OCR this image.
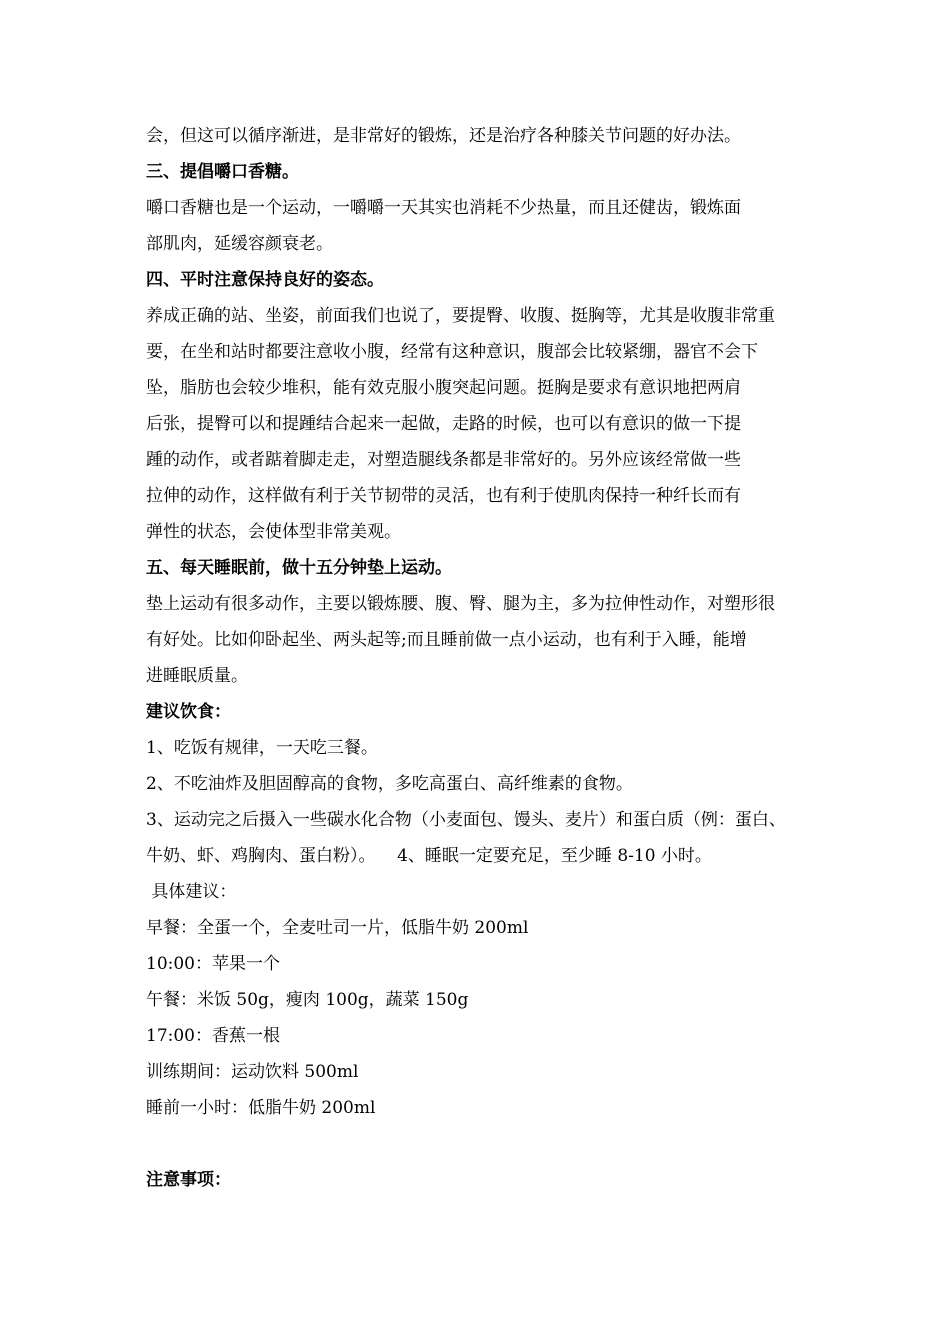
会，但这可以循序渐进，是非常好的锻炼，还是治疗各种膝关节问题的好办法。

三、提倡嚼口香糖。

嚼口香糖也是一个运动，一嚼嚼一天其实也消耗不少热量，而且还健齿，锻炼面
部肌肉，延缓容颜衰老。

四、平时注意保持良好的姿态。

养成正确的站、坐姿，前面我们也说了，要提臀、收腹、挺胸等，尤其是收腹非常重
要，在坐和站时都要注意收小腹，经常有这种意识，腹部会比较紧绷，器官不会下
坠，脂肪也会较少堆积，能有效克服小腹突起问题。挺胸是要求有意识地把两肩
后张，提臀可以和提踵结合起来一起做，走路的时候，也可以有意识的做一下提
踵的动作，或者踮着脚走走，对塑造腿线条都是非常好的。另外应该经常做一些
拉伸的动作，这样做有利于关节韧带的灵活，也有利于使肌肉保持一种纤长而有
弹性的状态，会使体型非常美观。

五、每天睡眠前，做十五分钟垫上运动。

垫上运动有很多动作，主要以锻炼腰、腹、臀、腿为主，多为拉伸性动作，对塑形很
有好处。比如仰卧起坐、两头起等;而且睡前做一点小运动，也有利于入睡，能增
进睡眠质量。

建议饮食：

1、吃饭有规律，一天吃三餐。
2、不吃油炸及胆固醇高的食物，多吃高蛋白、高纤维素的食物。
3、运动完之后摄入一些碳水化合物（小麦面包、馒头、麦片）和蛋白质（例：蛋白、
牛奶、虾、鸡胸肉、蛋白粉）。    4、睡眠一定要充足，至少睡 8-10 小时。
具体建议：
早餐：全蛋一个，全麦吐司一片，低脂牛奶 200ml
10:00：苹果一个
午餐：米饭 50g，瘦肉 100g，蔬菜 150g
17:00：香蕉一根
训练期间：运动饮料 500ml
睡前一小时：低脂牛奶 200ml

注意事项：
